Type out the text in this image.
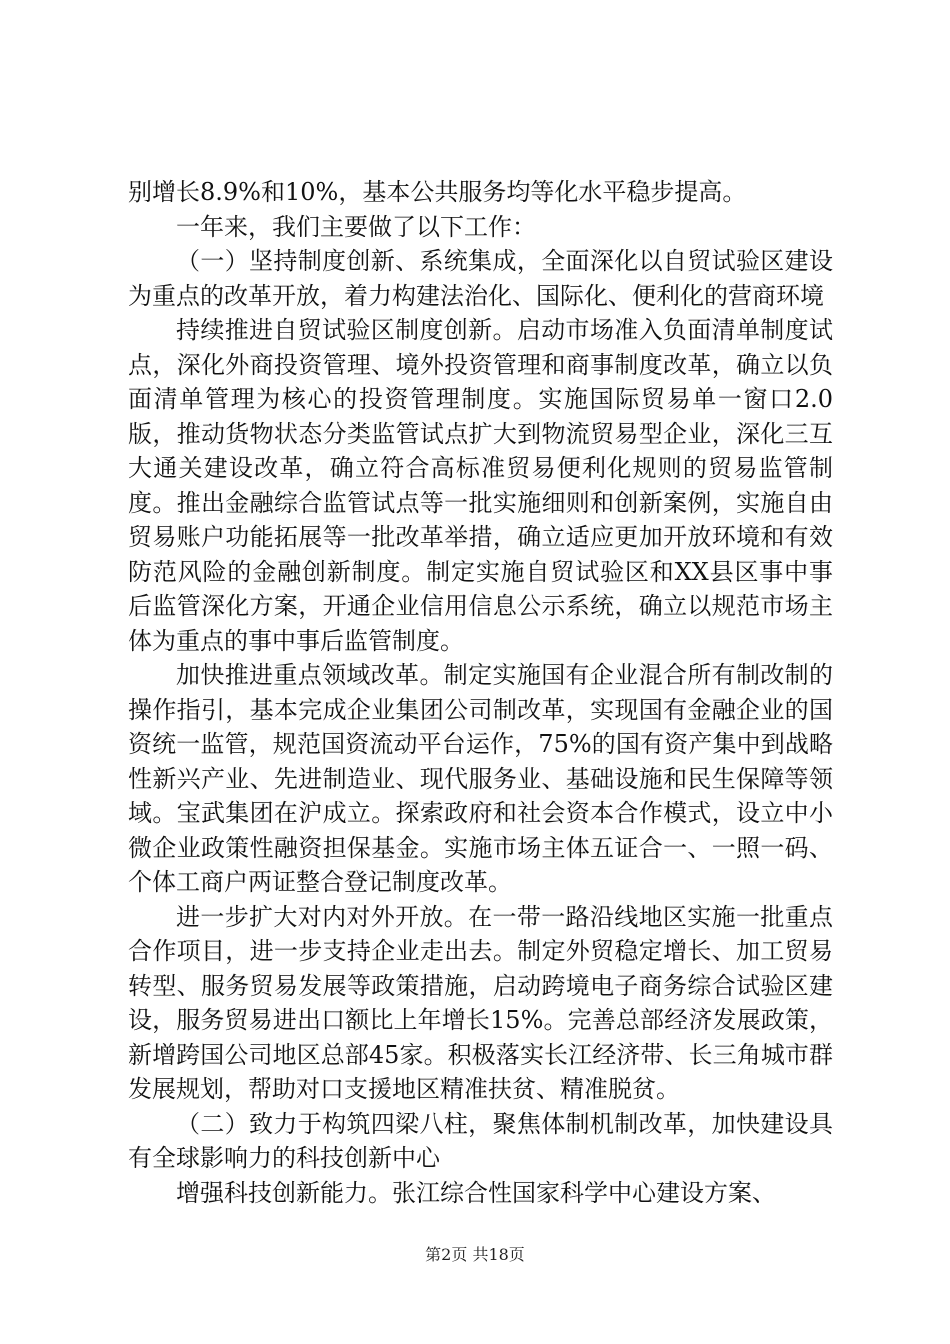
别增长8.9%和10%，基本公共服务均等化水平稳步提高。

一年来，我们主要做了以下工作：

（一）坚持制度创新、系统集成，全面深化以自贸试验区建设为重点的改革开放，着力构建法治化、国际化、便利化的营商环境

持续推进自贸试验区制度创新。启动市场准入负面清单制度试点，深化外商投资管理、境外投资管理和商事制度改革，确立以负面清单管理为核心的投资管理制度。实施国际贸易单一窗口2.0版，推动货物状态分类监管试点扩大到物流贸易型企业，深化三互大通关建设改革，确立符合高标准贸易便利化规则的贸易监管制度。推出金融综合监管试点等一批实施细则和创新案例，实施自由贸易账户功能拓展等一批改革举措，确立适应更加开放环境和有效防范风险的金融创新制度。制定实施自贸试验区和XX县区事中事后监管深化方案，开通企业信用信息公示系统，确立以规范市场主体为重点的事中事后监管制度。

加快推进重点领域改革。制定实施国有企业混合所有制改制的操作指引，基本完成企业集团公司制改革，实现国有金融企业的国资统一监管，规范国资流动平台运作，75%的国有资产集中到战略性新兴产业、先进制造业、现代服务业、基础设施和民生保障等领域。宝武集团在沪成立。探索政府和社会资本合作模式，设立中小微企业政策性融资担保基金。实施市场主体五证合一、一照一码、个体工商户两证整合登记制度改革。

进一步扩大对内对外开放。在一带一路沿线地区实施一批重点合作项目，进一步支持企业走出去。制定外贸稳定增长、加工贸易转型、服务贸易发展等政策措施，启动跨境电子商务综合试验区建设，服务贸易进出口额比上年增长15%。完善总部经济发展政策，新增跨国公司地区总部45家。积极落实长江经济带、长三角城市群发展规划，帮助对口支援地区精准扶贫、精准脱贫。

（二）致力于构筑四梁八柱，聚焦体制机制改革，加快建设具有全球影响力的科技创新中心

增强科技创新能力。张江综合性国家科学中心建设方案、

第2页 共18页
